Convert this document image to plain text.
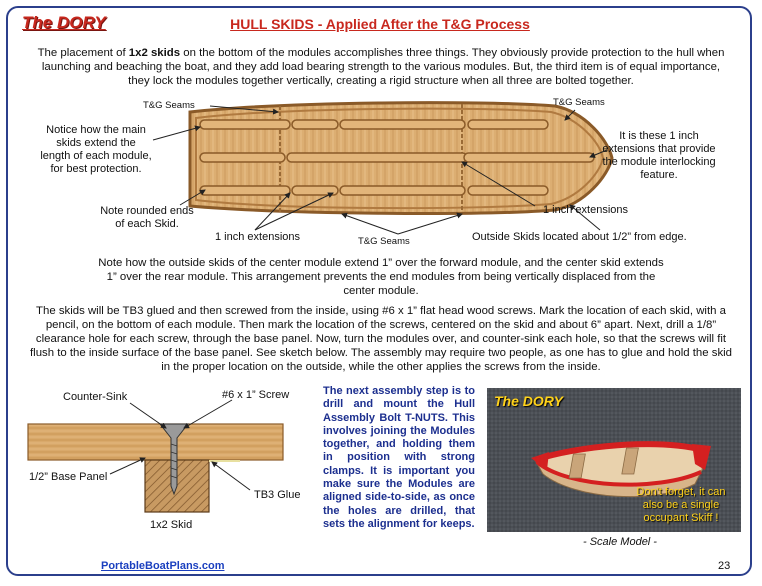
The DORY	HULL SKIDS - Applied After the T&G Process
The placement of 1x2 skids on the bottom of the modules accomplishes three things. They obviously provide protection to the hull when launching and beaching the boat, and they add load bearing strength to the various modules. But, the third item is of equal importance, they lock the modules together vertically, creating a rigid structure when all three are bolted together.
T&G Seams	T&G Seams
Notice how the main skids extend the length of each module, for best protection.
It is these 1 inch extensions that provide the module interlocking feature.
Note rounded ends of each Skid.
1 inch extensions
1 inch extensions	T&G Seams	Outside Skids located about 1/2” from edge.
Note how the outside skids of the center module extend 1” over the forward module, and the center skid extends 1” over the rear module. This arrangement prevents the end modules from being vertically displaced from the center module.
The skids will be TB3 glued and then screwed from the inside, using #6 x 1” flat head wood screws. Mark the location of each skid, with a pencil, on the bottom of each module. Then mark the location of the screws, centered on the skid and about 6” apart. Next, drill a 1/8” clearance hole for each screw, through the base panel. Now, turn the modules over, and counter-sink each hole, so that the screws will fit flush to the inside surface of the base panel. See sketch below. The assembly may require two people, as one has to glue and hold the skid in the proper location on the outside, while the other applies the screws from the inside.
Counter-Sink	#6 x 1” Screw
1/2” Base Panel
TB3 Glue
1x2 Skid
The next assembly step is to drill and mount the Hull Assembly Bolt T-NUTS. This involves joining the Modules together, and holding them in position with strong clamps. It is important you make sure the Modules are aligned side-to-side, as once the holes are drilled, that sets the alignment for keeps.
The DORY
Don't forget, it can also be a single occupant Skiff !
- Scale Model -
PortableBoatPlans.com	23
